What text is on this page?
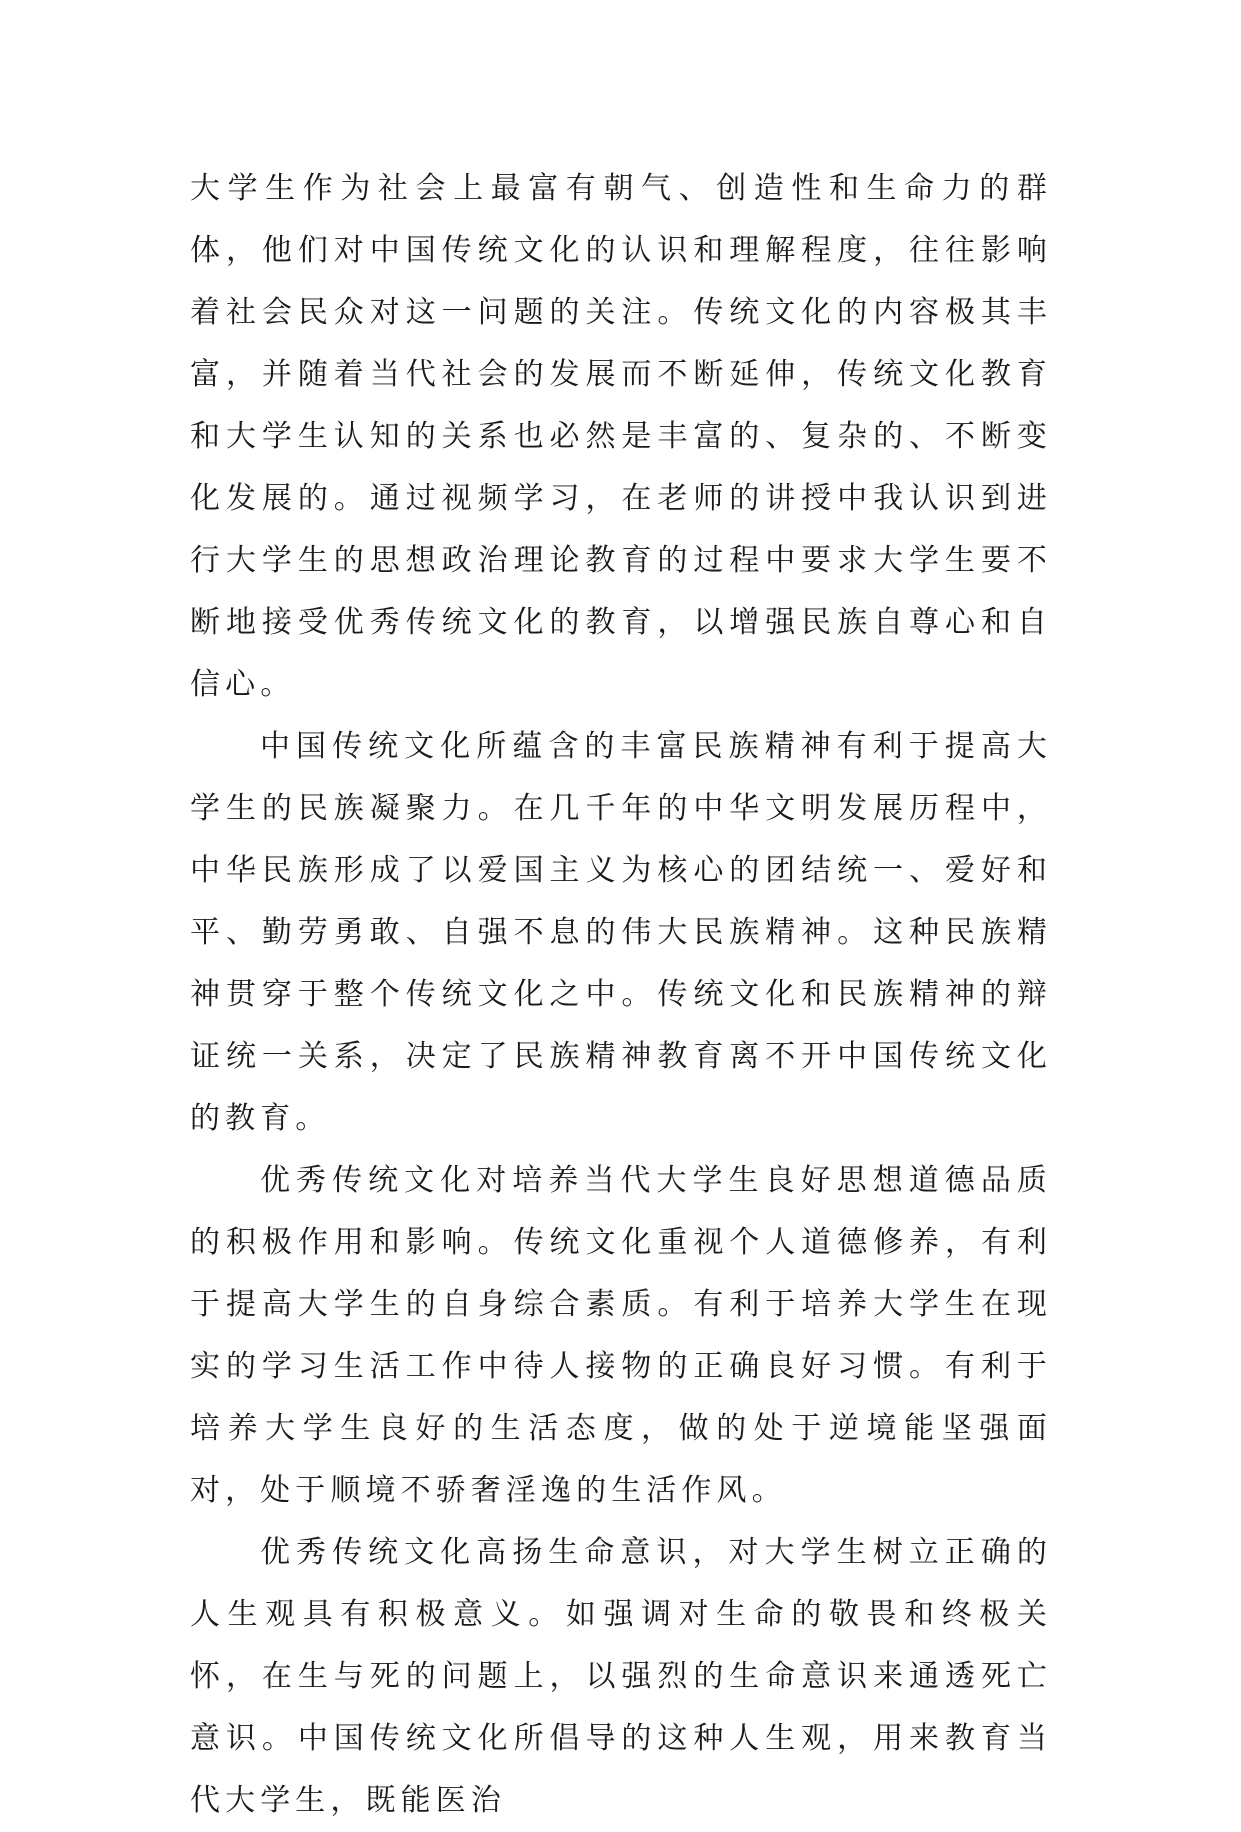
大学生作为社会上最富有朝气、创造性和生命力的群体，他们对中国传统文化的认识和理解程度，往往影响着社会民众对这一问题的关注。传统文化的内容极其丰富，并随着当代社会的发展而不断延伸，传统文化教育和大学生认知的关系也必然是丰富的、复杂的、不断变化发展的。通过视频学习，在老师的讲授中我认识到进行大学生的思想政治理论教育的过程中要求大学生要不断地接受优秀传统文化的教育，以增强民族自尊心和自信心。

中国传统文化所蕴含的丰富民族精神有利于提高大学生的民族凝聚力。在几千年的中华文明发展历程中，中华民族形成了以爱国主义为核心的团结统一、爱好和平、勤劳勇敢、自强不息的伟大民族精神。这种民族精神贯穿于整个传统文化之中。传统文化和民族精神的辩证统一关系，决定了民族精神教育离不开中国传统文化的教育。

优秀传统文化对培养当代大学生良好思想道德品质的积极作用和影响。传统文化重视个人道德修养，有利于提高大学生的自身综合素质。有利于培养大学生在现实的学习生活工作中待人接物的正确良好习惯。有利于培养大学生良好的生活态度，做的处于逆境能坚强面对，处于顺境不骄奢淫逸的生活作风。

优秀传统文化高扬生命意识，对大学生树立正确的人生观具有积极意义。如强调对生命的敬畏和终极关怀，在生与死的问题上，以强烈的生命意识来通透死亡意识。中国传统文化所倡导的这种人生观，用来教育当代大学生，既能医治
